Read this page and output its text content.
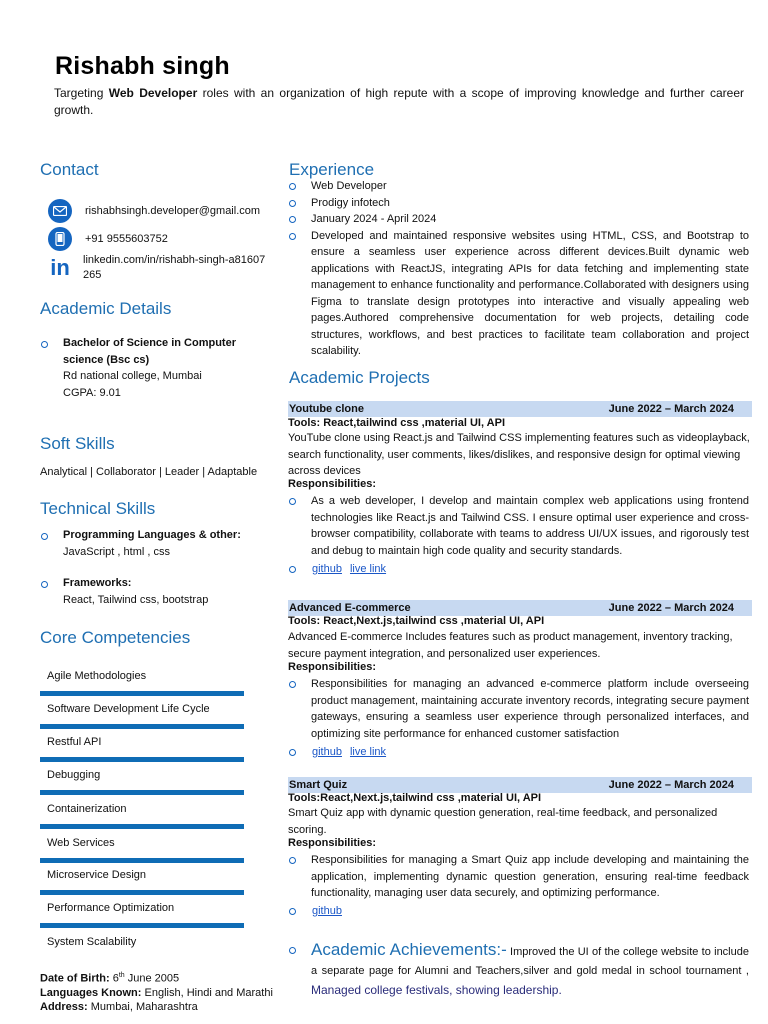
Rishabh singh
Targeting Web Developer roles with an organization of high repute with a scope of improving knowledge and further career growth.
Contact
rishabhsingh.developer@gmail.com
+91 9555603752
in linkedin.com/in/rishabh-singh-a81607
265
Academic Details
Bachelor of Science in Computer
science (Bsc cs)
Rd national college, Mumbai
CGPA: 9.01
Soft Skills
Analytical | Collaborator | Leader | Adaptable
Technical Skills
Programming Languages & other:
JavaScript , html , css
Frameworks:
React, Tailwind css, bootstrap
Core Competencies
Agile Methodologies
Software Development Life Cycle
Restful API
Debugging
Containerization
Web Services
Microservice Design
Performance Optimization
System Scalability
Date of Birth: 6th June 2005
Languages Known: English, Hindi and Marathi
Address: Mumbai, Maharashtra
Experience
Web Developer
Prodigy infotech
January 2024 - April 2024
Developed and maintained responsive websites using HTML, CSS, and Bootstrap to ensure a seamless user experience across different devices.Built dynamic web applications with ReactJS, integrating APIs for data fetching and implementing state management to enhance functionality and performance.Collaborated with designers using Figma to translate design prototypes into interactive and visually appealing web pages.Authored comprehensive documentation for web projects, detailing code structures, workflows, and best practices to facilitate team collaboration and project scalability.
Academic Projects
Youtube clone	June 2022 – March 2024
Tools: React,tailwind css ,material UI, API
YouTube clone using React.js and Tailwind CSS implementing features such as videoplayback, search functionality, user comments, likes/dislikes, and responsive design for optimal viewing across devices
Responsibilities:
As a web developer, I develop and maintain complex web applications using frontend technologies like React.js and Tailwind CSS. I ensure optimal user experience and cross-browser compatibility, collaborate with teams to address UI/UX issues, and rigorously test and debug to maintain high code quality and security standards.
github live link
Advanced E-commerce	June 2022 – March 2024
Tools: React,Next.js,tailwind css ,material UI, API
Advanced E-commerce Includes features such as product management, inventory tracking, secure payment integration, and personalized user experiences.
Responsibilities:
Responsibilities for managing an advanced e-commerce platform include overseeing product management, maintaining accurate inventory records, integrating secure payment gateways, ensuring a seamless user experience through personalized interfaces, and optimizing site performance for enhanced customer satisfaction
github live link
Smart Quiz	June 2022 – March 2024
Tools:React,Next.js,tailwind css ,material UI, API
Smart Quiz app with dynamic question generation, real-time feedback, and personalized scoring.
Responsibilities:
Responsibilities for managing a Smart Quiz app include developing and maintaining the application, implementing dynamic question generation, ensuring real-time feedback functionality, managing user data securely, and optimizing performance.
github
Academic Achievements:- Improved the UI of the college website to include a separate page for Alumni and Teachers,silver and gold medal in school tournament , Managed college festivals, showing leadership.
